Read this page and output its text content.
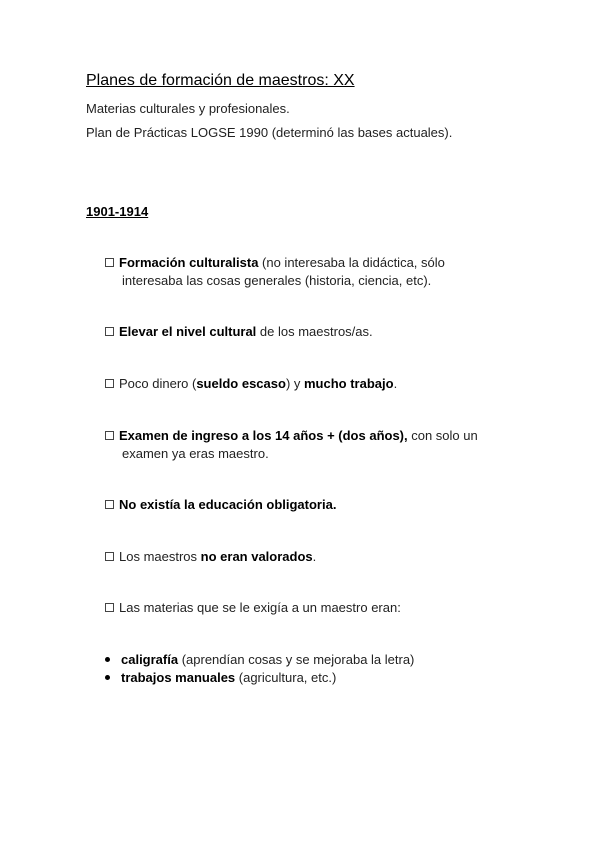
Planes de formación de maestros: XX

Materias culturales y profesionales.

Plan de Prácticas LOGSE 1990 (determinó las bases actuales).

1901-1914

Formación culturalista (no interesaba la didáctica, sólo
interesaba las cosas generales (historia, ciencia, etc).

Elevar el nivel cultural de los maestros/as.

Poco dinero (sueldo escaso) y mucho trabajo.

Examen de ingreso a los 14 años + (dos años), con solo un
examen ya eras maestro.

No existía la educación obligatoria.

Los maestros no eran valorados.

Las materias que se le exigía a un maestro eran:

caligrafía (aprendían cosas y se mejoraba la letra)

trabajos manuales (agricultura, etc.)
